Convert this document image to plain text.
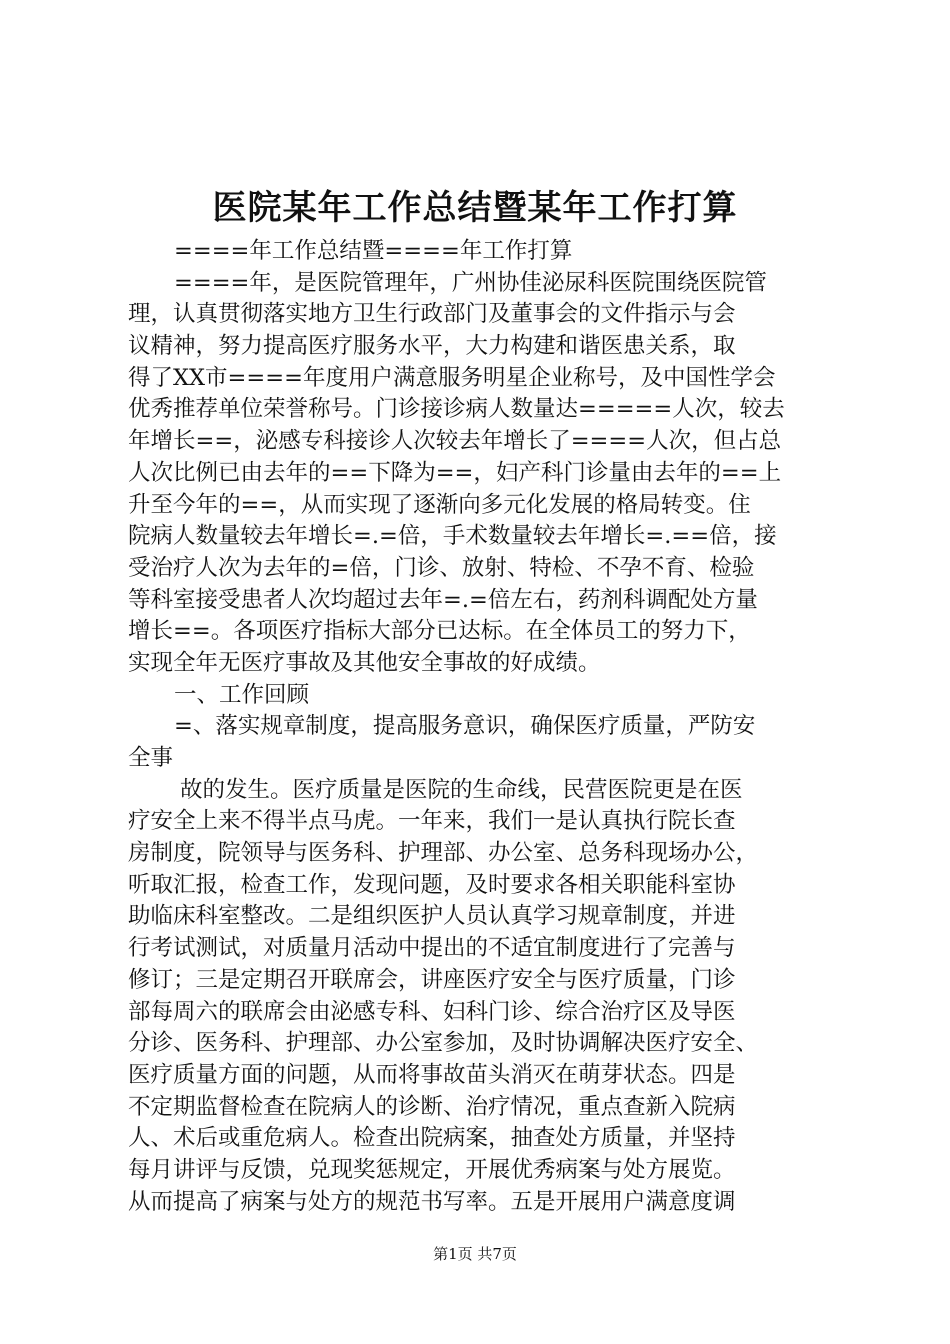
医院某年工作总结暨某年工作打算
====年工作总结暨====年工作打算
====年，是医院管理年，广州协佳泌尿科医院围绕医院管
理，认真贯彻落实地方卫生行政部门及董事会的文件指示与会
议精神，努力提高医疗服务水平，大力构建和谐医患关系，取
得了XX市====年度用户满意服务明星企业称号，及中国性学会
优秀推荐单位荣誉称号。门诊接诊病人数量达=====人次，较去
年增长==，泌感专科接诊人次较去年增长了====人次，但占总
人次比例已由去年的==下降为==，妇产科门诊量由去年的==上
升至今年的==，从而实现了逐渐向多元化发展的格局转变。住
院病人数量较去年增长=.=倍，手术数量较去年增长=.==倍，接
受治疗人次为去年的=倍，门诊、放射、特检、不孕不育、检验
等科室接受患者人次均超过去年=.=倍左右，药剂科调配处方量
增长==。各项医疗指标大部分已达标。在全体员工的努力下，
实现全年无医疗事故及其他安全事故的好成绩。
一、工作回顾
=、落实规章制度，提高服务意识，确保医疗质量，严防安
全事
故的发生。医疗质量是医院的生命线，民营医院更是在医
疗安全上来不得半点马虎。一年来，我们一是认真执行院长查
房制度，院领导与医务科、护理部、办公室、总务科现场办公，
听取汇报，检查工作，发现问题，及时要求各相关职能科室协
助临床科室整改。二是组织医护人员认真学习规章制度，并进
行考试测试，对质量月活动中提出的不适宜制度进行了完善与
修订；三是定期召开联席会，讲座医疗安全与医疗质量，门诊
部每周六的联席会由泌感专科、妇科门诊、综合治疗区及导医
分诊、医务科、护理部、办公室参加，及时协调解决医疗安全、
医疗质量方面的问题，从而将事故苗头消灭在萌芽状态。四是
不定期监督检查在院病人的诊断、治疗情况，重点查新入院病
人、术后或重危病人。检查出院病案，抽查处方质量，并坚持
每月讲评与反馈，兑现奖惩规定，开展优秀病案与处方展览。
从而提高了病案与处方的规范书写率。五是开展用户满意度调
第1页 共7页
